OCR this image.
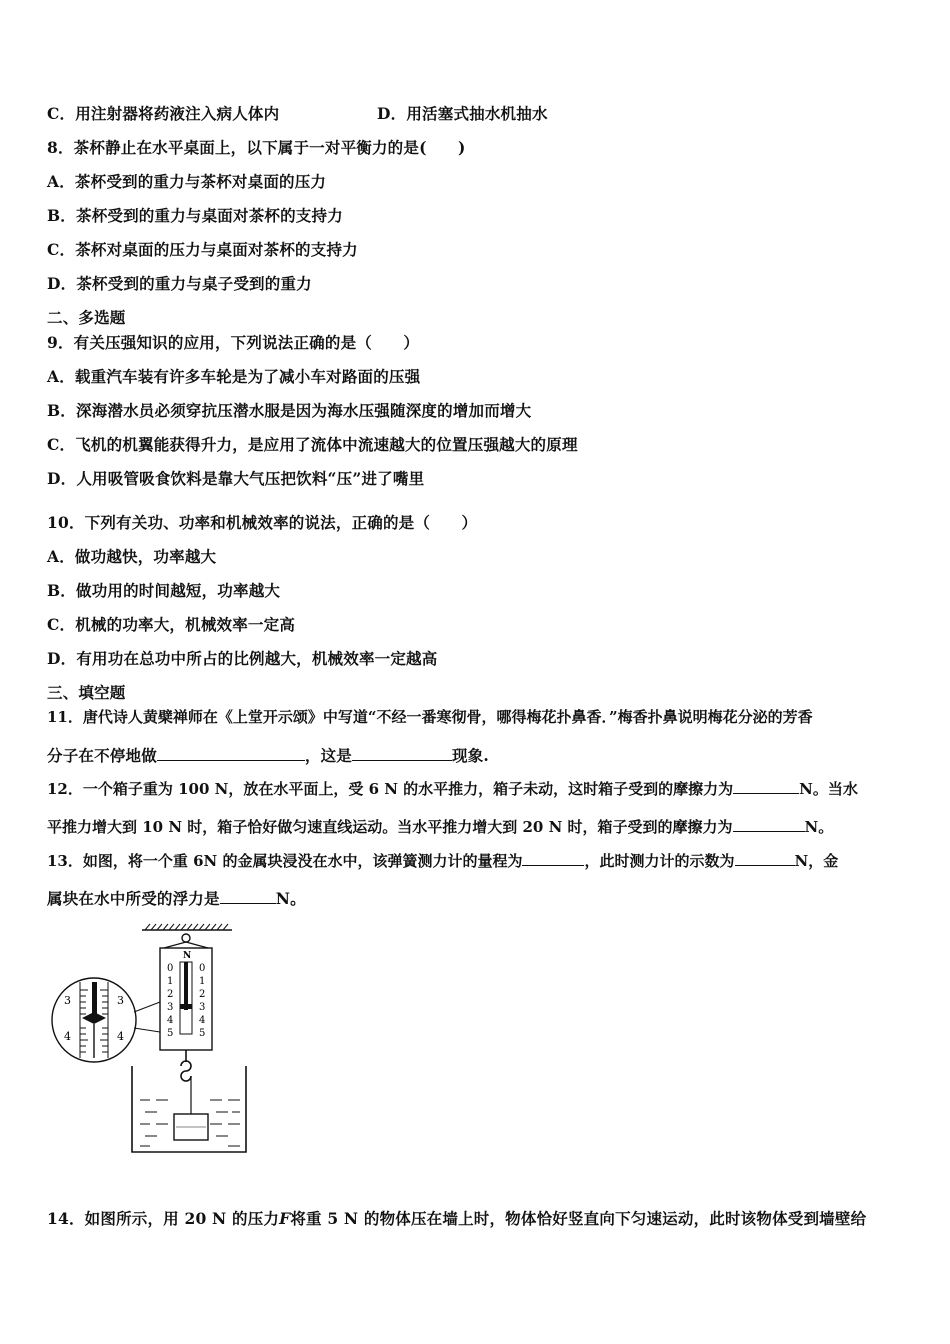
C．用注射器将药液注入病人体内	D．用活塞式抽水机抽水
8．茶杯静止在水平桌面上，以下属于一对平衡力的是(　　)
A．茶杯受到的重力与茶杯对桌面的压力
B．茶杯受到的重力与桌面对茶杯的支持力
C．茶杯对桌面的压力与桌面对茶杯的支持力
D．茶杯受到的重力与桌子受到的重力
二、多选题
9．有关压强知识的应用，下列说法正确的是（　　）
A．载重汽车装有许多车轮是为了减小车对路面的压强
B．深海潜水员必须穿抗压潜水服是因为海水压强随深度的增加而增大
C．飞机的机翼能获得升力，是应用了流体中流速越大的位置压强越大的原理
D．人用吸管吸食饮料是靠大气压把饮料“压”进了嘴里
10．下列有关功、功率和机械效率的说法，正确的是（　　）
A．做功越快，功率越大
B．做功用的时间越短，功率越大
C．机械的功率大，机械效率一定高
D．有用功在总功中所占的比例越大，机械效率一定越高
三、填空题
11．唐代诗人黄檗禅师在《上堂开示颂》中写道“不经一番寒彻骨，哪得梅花扑鼻香．”梅香扑鼻说明梅花分泌的芳香
分子在不停地做	，这是	现象.
12．一个箱子重为 100 N，放在水平面上，受 6 N 的水平推力，箱子未动，这时箱子受到的摩擦力为	N。当水
平推力增大到 10 N 时，箱子恰好做匀速直线运动。当水平推力增大到 20 N 时，箱子受到的摩擦力为	N。
13．如图，将一个重 6N 的金属块浸没在水中，该弹簧测力计的量程为	，此时测力计的示数为	N，金
属块在水中所受的浮力是	N。
N
0
1
2
3
4
5
0
1
2
3
4
5
3	3
4	4
14．如图所示，用 20 N 的压力F将重 5 N 的物体压在墙上时，物体恰好竖直向下匀速运动，此时该物体受到墙壁给
